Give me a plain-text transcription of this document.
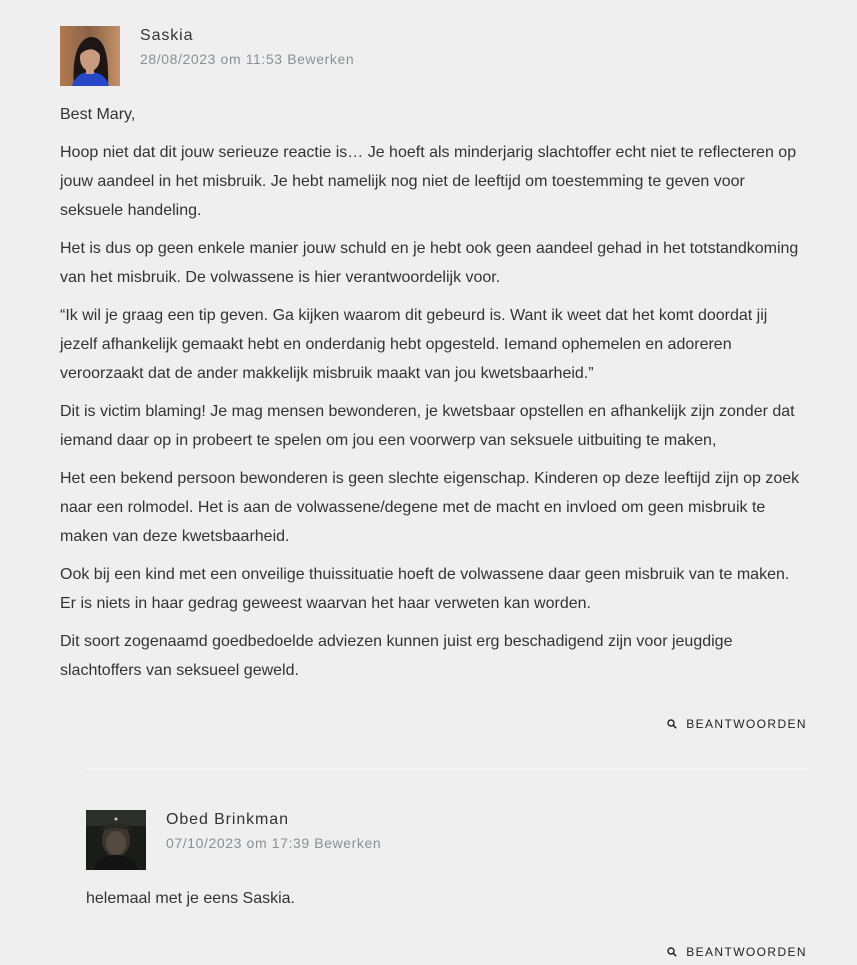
Saskia
28/08/2023 om 11:53 Bewerken

Best Mary,

Hoop niet dat dit jouw serieuze reactie is… Je hoeft als minderjarig slachtoffer echt niet te reflecteren op jouw aandeel in het misbruik. Je hebt namelijk nog niet de leeftijd om toestemming te geven voor seksuele handeling.

Het is dus op geen enkele manier jouw schuld en je hebt ook geen aandeel gehad in het totstandkoming van het misbruik. De volwassene is hier verantwoordelijk voor.

“Ik wil je graag een tip geven. Ga kijken waarom dit gebeurd is. Want ik weet dat het komt doordat jij jezelf afhankelijk gemaakt hebt en onderdanig hebt opgesteld. Iemand ophemelen en adoreren veroorzaakt dat de ander makkelijk misbruik maakt van jou kwetsbaarheid.”

Dit is victim blaming! Je mag mensen bewonderen, je kwetsbaar opstellen en afhankelijk zijn zonder dat iemand daar op in probeert te spelen om jou een voorwerp van seksuele uitbuiting te maken,

Het een bekend persoon bewonderen is geen slechte eigenschap. Kinderen op deze leeftijd zijn op zoek naar een rolmodel. Het is aan de volwassene/degene met de macht en invloed om geen misbruik te maken van deze kwetsbaarheid.

Ook bij een kind met een onveilige thuissituatie hoeft de volwassene daar geen misbruik van te maken. Er is niets in haar gedrag geweest waarvan het haar verweten kan worden.

Dit soort zogenaamd goedbedoelde adviezen kunnen juist erg beschadigend zijn voor jeugdige slachtoffers van seksueel geweld.

BEANTWOORDEN
Obed Brinkman
07/10/2023 om 17:39 Bewerken

helemaal met je eens Saskia.

BEANTWOORDEN
